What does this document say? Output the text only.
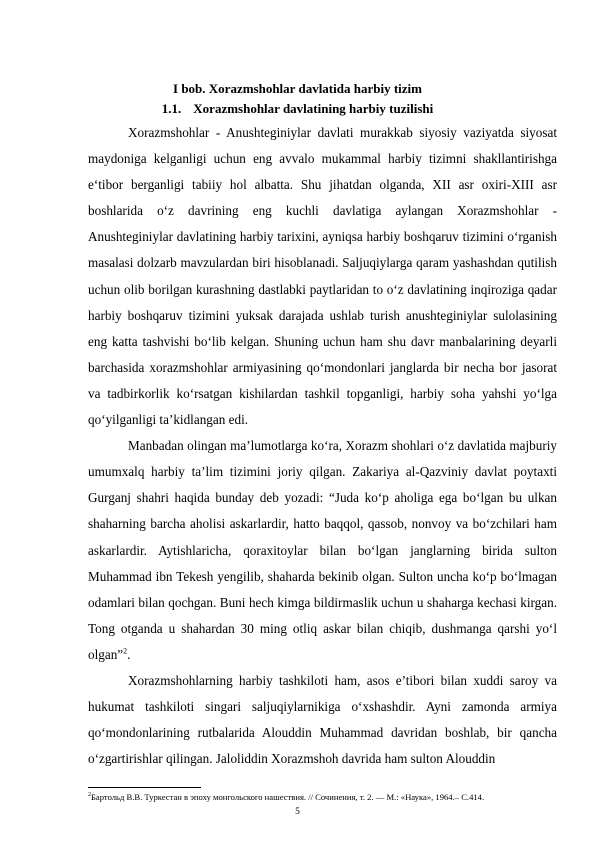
I bob. Xorazmshohlar davlatida harbiy tizim
1.1. Xorazmshohlar davlatining harbiy tuzilishi

Xorazmshohlar - Anushteginiylar davlati murakkab siyosiy vaziyatda siyosat maydoniga kelganligi uchun eng avvalo mukammal harbiy tizimni shakllantirishga e‘tibor berganligi tabiiy hol albatta. Shu jihatdan olganda, XII asr oxiri-XIII asr boshlarida o‘z davrining eng kuchli davlatiga aylangan Xorazmshohlar - Anushteginiylar davlatining harbiy tarixini, ayniqsa harbiy boshqaruv tizimini o‘rganish masalasi dolzarb mavzulardan biri hisoblanadi. Saljuqiylarga qaram yashashdan qutilish uchun olib borilgan kurashning dastlabki paytlaridan to o‘z davlatining inqiroziga qadar harbiy boshqaruv tizimini yuksak darajada ushlab turish anushteginiylar sulolasining eng katta tashvishi bo‘lib kelgan. Shuning uchun ham shu davr manbalarining deyarli barchasida xorazmshohlar armiyasining qo‘mondonlari janglarda bir necha bor jasorat va tadbirkorlik ko‘rsatgan kishilardan tashkil topganligi, harbiy soha yahshi yo‘lga qo‘yilganligi ta’kidlangan edi.

Manbadan olingan ma’lumotlarga ko‘ra, Xorazm shohlari o‘z davlatida majburiy umumxalq harbiy ta’lim tizimini joriy qilgan. Zakariya al-Qazviniy davlat poytaxti Gurganj shahri haqida bunday deb yozadi: “Juda ko‘p aholiga ega bo‘lgan bu ulkan shaharning barcha aholisi askarlardir, hatto baqqol, qassob, nonvoy va bo‘zchilari ham askarlardir. Aytishlaricha, qoraxitoylar bilan bo‘lgan janglarning birida sulton Muhammad ibn Tekesh yengilib, shaharda bekinib olgan. Sulton uncha ko‘p bo‘lmagan odamlari bilan qochgan. Buni hech kimga bildirmaslik uchun u shaharga kechasi kirgan. Tong otganda u shahardan 30 ming otliq askar bilan chiqib, dushmanga qarshi yo‘l olgan”$^2$.

Xorazmshohlarning harbiy tashkiloti ham, asos e’tibori bilan xuddi saroy va hukumat tashkiloti singari saljuqiylarnikiga o‘xshashdir. Ayni zamonda armiya qo‘mondonlarining rutbalarida Alouddin Muhammad davridan boshlab, bir qancha o‘zgartirishlar qilingan. Jaloliddin Xorazmshoh davrida ham sulton Alouddin

$^2$Бартольд В.В. Туркестан в эпоху монгольского нашествия. // Сочинения, т. 2. — М.: «Наука», 1964.– С.414.
5
